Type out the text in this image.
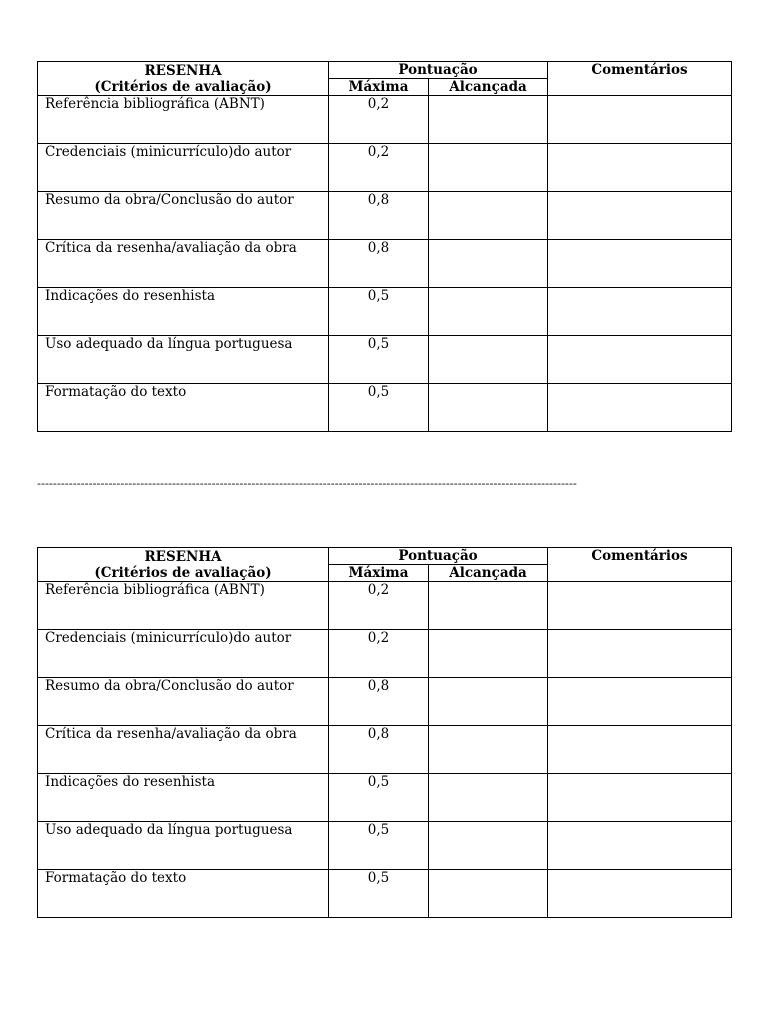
RESENHA
(Critérios de avaliação)	Pontuação		Comentários
	Máxima	Alcançada	
Referência bibliográfica (ABNT)	0,2		
Credenciais (minicurrículo)do autor	0,2		
Resumo da obra/Conclusão do autor	0,8		
Crítica da resenha/avaliação da obra	0,8		
Indicações do resenhista	0,5		
Uso adequado da língua portuguesa	0,5		
Formatação do texto	0,5		
----------------------------------------------------------------------------------------------------------------------------------------
RESENHA
(Critérios de avaliação)	Pontuação		Comentários
	Máxima	Alcançada	
Referência bibliográfica (ABNT)	0,2		
Credenciais (minicurrículo)do autor	0,2		
Resumo da obra/Conclusão do autor	0,8		
Crítica da resenha/avaliação da obra	0,8		
Indicações do resenhista	0,5		
Uso adequado da língua portuguesa	0,5		
Formatação do texto	0,5		
